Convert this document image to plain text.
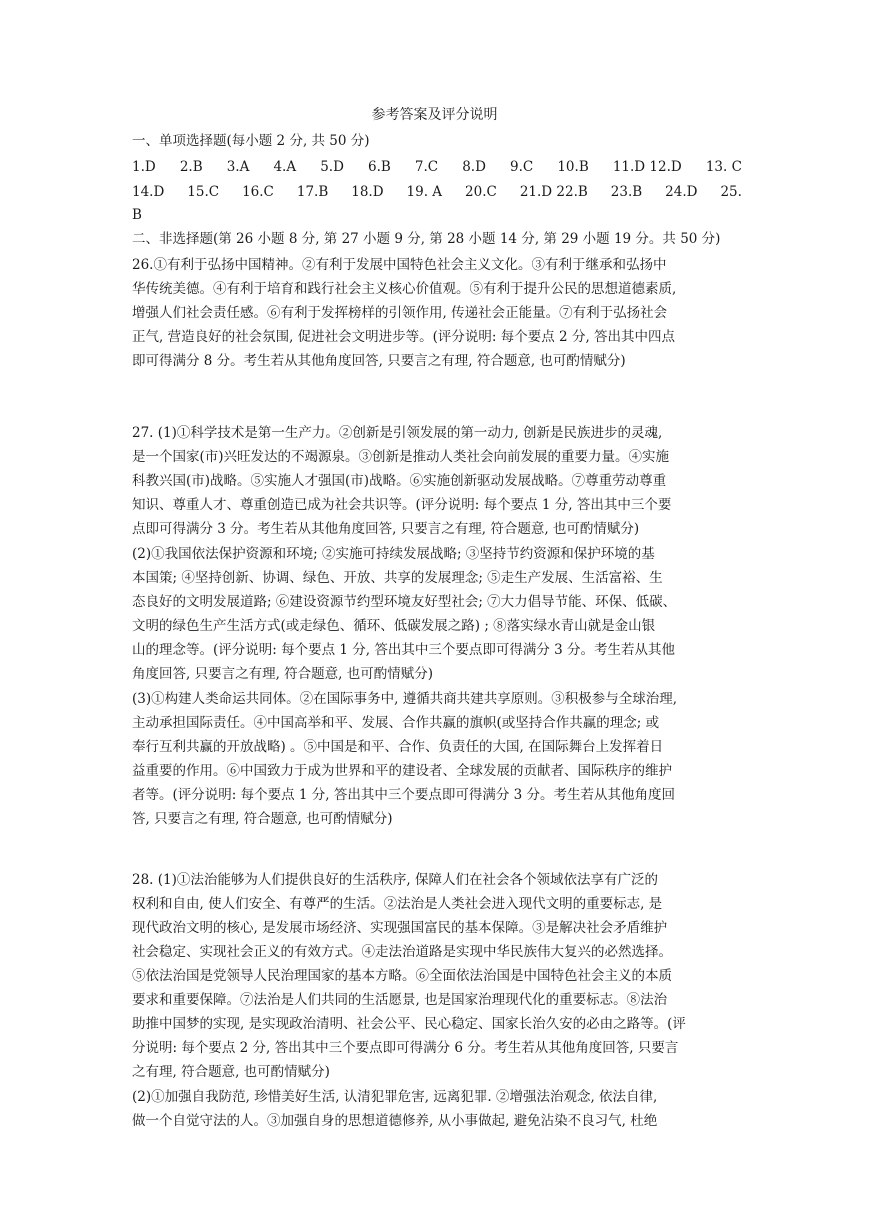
参考答案及评分说明
一、单项选择题(每小题 2 分, 共 50 分)
1.D 2.B 3.A 4.A 5.D 6.B 7.C 8.D 9.C 10.B 11.D 12.D 13. C
14.D 15.C 16.C 17.B 18.D 19. A 20.C 21.D 22.B 23.B 24.D 25.
B
二、非选择题(第 26 小题 8 分, 第 27 小题 9 分, 第 28 小题 14 分, 第 29 小题 19 分。共 50 分)
26.①有利于弘扬中国精神。②有利于发展中国特色社会主义文化。③有利于继承和弘扬中
华传统美德。④有利于培育和践行社会主义核心价值观。⑤有利于提升公民的思想道德素质,
增强人们社会责任感。⑥有利于发挥榜样的引领作用, 传递社会正能量。⑦有利于弘扬社会
正气, 营造良好的社会氛围, 促进社会文明进步等。(评分说明: 每个要点 2 分, 答出其中四点
即可得满分 8 分。考生若从其他角度回答, 只要言之有理, 符合题意, 也可酌情赋分)
27. (1)①科学技术是第一生产力。②创新是引领发展的第一动力, 创新是民族进步的灵魂,
是一个国家(市)兴旺发达的不竭源泉。③创新是推动人类社会向前发展的重要力量。④实施
科教兴国(市)战略。⑤实施人才强国(市)战略。⑥实施创新驱动发展战略。⑦尊重劳动尊重
知识、尊重人才、尊重创造已成为社会共识等。(评分说明: 每个要点 1 分, 答出其中三个要
点即可得满分 3 分。考生若从其他角度回答, 只要言之有理, 符合题意, 也可酌情赋分)
(2)①我国依法保护资源和环境; ②实施可持续发展战略; ③坚持节约资源和保护环境的基
本国策; ④坚持创新、协调、绿色、开放、共享的发展理念; ⑤走生产发展、生活富裕、生
态良好的文明发展道路; ⑥建设资源节约型环境友好型社会; ⑦大力倡导节能、环保、低碳、
文明的绿色生产生活方式(或走绿色、循环、低碳发展之路) ; ⑧落实绿水青山就是金山银
山的理念等。(评分说明: 每个要点 1 分, 答出其中三个要点即可得满分 3 分。考生若从其他
角度回答, 只要言之有理, 符合题意, 也可酌情赋分)
(3)①构建人类命运共同体。②在国际事务中, 遵循共商共建共享原则。③积极参与全球治理,
主动承担国际责任。④中国高举和平、发展、合作共赢的旗帜(或坚持合作共赢的理念; 或
奉行互利共赢的开放战略) 。⑤中国是和平、合作、负责任的大国, 在国际舞台上发挥着日
益重要的作用。⑥中国致力于成为世界和平的建设者、全球发展的贡献者、国际秩序的维护
者等。(评分说明: 每个要点 1 分, 答出其中三个要点即可得满分 3 分。考生若从其他角度回
答, 只要言之有理, 符合题意, 也可酌情赋分)
28. (1)①法治能够为人们提供良好的生活秩序, 保障人们在社会各个领域依法享有广泛的
权利和自由, 使人们安全、有尊严的生活。②法治是人类社会进入现代文明的重要标志, 是
现代政治文明的核心, 是发展市场经济、实现强国富民的基本保障。③是解决社会矛盾维护
社会稳定、实现社会正义的有效方式。④走法治道路是实现中华民族伟大复兴的必然选择。
⑤依法治国是党领导人民治理国家的基本方略。⑥全面依法治国是中国特色社会主义的本质
要求和重要保障。⑦法治是人们共同的生活愿景, 也是国家治理现代化的重要标志。⑧法治
助推中国梦的实现, 是实现政治清明、社会公平、民心稳定、国家长治久安的必由之路等。(评
分说明: 每个要点 2 分, 答出其中三个要点即可得满分 6 分。考生若从其他角度回答, 只要言
之有理, 符合题意, 也可酌情赋分)
(2)①加强自我防范, 珍惜美好生活, 认清犯罪危害, 远离犯罪. ②增强法治观念, 依法自律,
做一个自觉守法的人。③加强自身的思想道德修养, 从小事做起, 避免沾染不良习气, 杜绝
